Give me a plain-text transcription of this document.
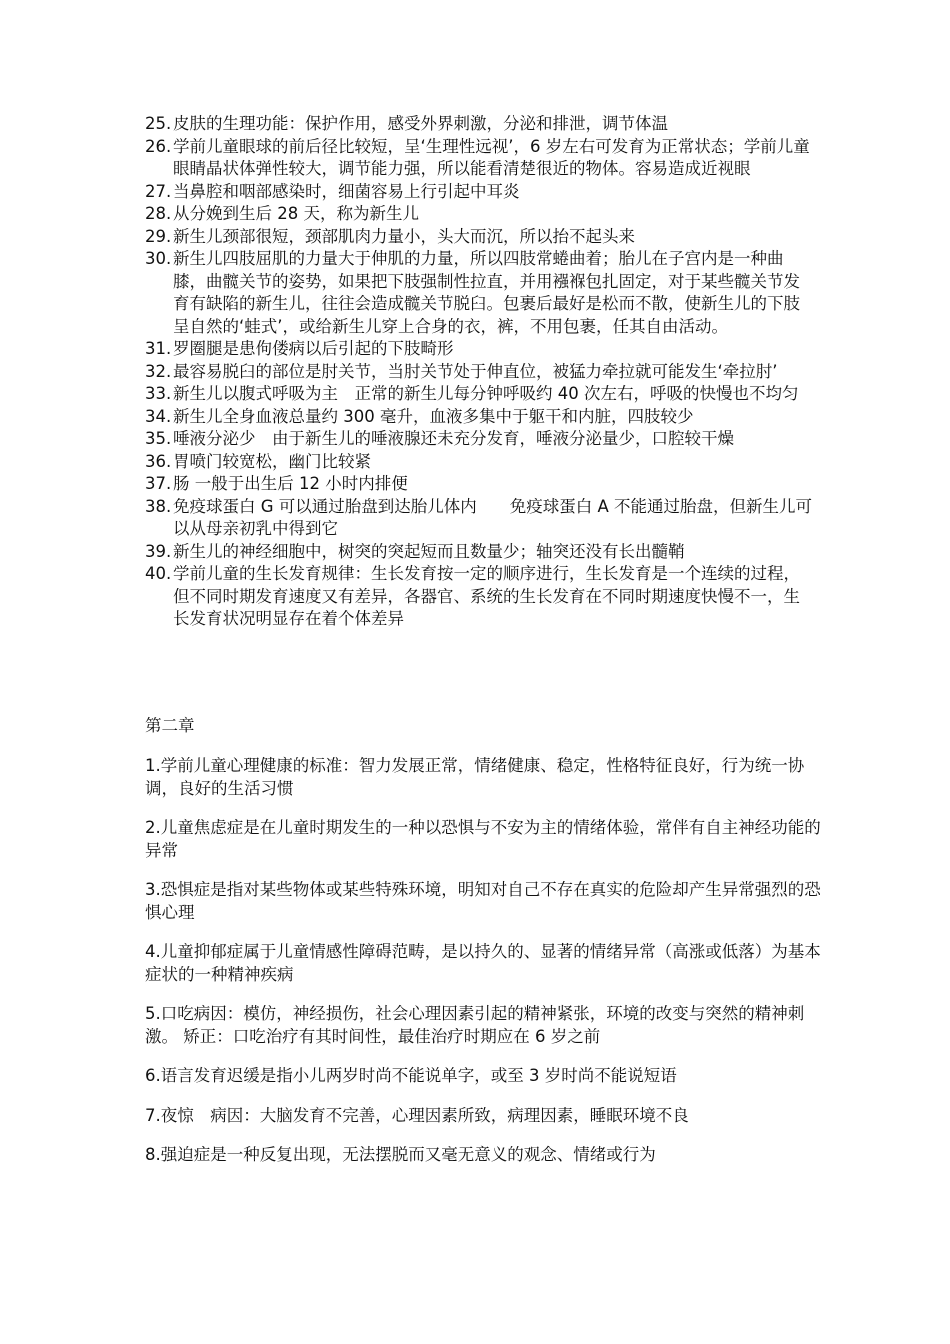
25. 皮肤的生理功能：保护作用，感受外界刺激，分泌和排泄，调节体温
26. 学前儿童眼球的前后径比较短，呈‘生理性远视’，6 岁左右可发育为正常状态；学前儿童眼睛晶状体弹性较大，调节能力强，所以能看清楚很近的物体。容易造成近视眼
27. 当鼻腔和咽部感染时，细菌容易上行引起中耳炎
28. 从分娩到生后 28 天，称为新生儿
29. 新生儿颈部很短，颈部肌肉力量小，头大而沉，所以抬不起头来
30. 新生儿四肢屈肌的力量大于伸肌的力量，所以四肢常蜷曲着；胎儿在子宫内是一种曲膝，曲髋关节的姿势，如果把下肢强制性拉直，并用襁褓包扎固定，对于某些髋关节发育有缺陷的新生儿，往往会造成髋关节脱臼。包裹后最好是松而不散，使新生儿的下肢呈自然的‘蛙式’，或给新生儿穿上合身的衣，裤，不用包裹，任其自由活动。
31. 罗圈腿是患佝偻病以后引起的下肢畸形
32. 最容易脱臼的部位是肘关节，当肘关节处于伸直位，被猛力牵拉就可能发生‘牵拉肘’
33. 新生儿以腹式呼吸为主　正常的新生儿每分钟呼吸约 40 次左右，呼吸的快慢也不均匀
34. 新生儿全身血液总量约 300 毫升，血液多集中于躯干和内脏，四肢较少
35. 唾液分泌少　由于新生儿的唾液腺还未充分发育，唾液分泌量少，口腔较干燥
36. 胃喷门较宽松，幽门比较紧
37. 肠 一般于出生后 12 小时内排便
38. 免疫球蛋白 G 可以通过胎盘到达胎儿体内　　免疫球蛋白 A 不能通过胎盘，但新生儿可以从母亲初乳中得到它
39. 新生儿的神经细胞中，树突的突起短而且数量少；轴突还没有长出髓鞘
40. 学前儿童的生长发育规律：生长发育按一定的顺序进行，生长发育是一个连续的过程，但不同时期发育速度又有差异，各器官、系统的生长发育在不同时期速度快慢不一，生长发育状况明显存在着个体差异
第二章

1.学前儿童心理健康的标准：智力发展正常，情绪健康、稳定，性格特征良好，行为统一协调，良好的生活习惯

2.儿童焦虑症是在儿童时期发生的一种以恐惧与不安为主的情绪体验，常伴有自主神经功能的异常

3.恐惧症是指对某些物体或某些特殊环境，明知对自己不存在真实的危险却产生异常强烈的恐惧心理

4.儿童抑郁症属于儿童情感性障碍范畴，是以持久的、显著的情绪异常（高涨或低落）为基本症状的一种精神疾病

5.口吃病因：模仿，神经损伤，社会心理因素引起的精神紧张，环境的改变与突然的精神刺激。 矫正：口吃治疗有其时间性，最佳治疗时期应在 6 岁之前

6.语言发育迟缓是指小儿两岁时尚不能说单字，或至 3 岁时尚不能说短语

7.夜惊　病因：大脑发育不完善，心理因素所致，病理因素，睡眠环境不良

8.强迫症是一种反复出现，无法摆脱而又毫无意义的观念、情绪或行为
